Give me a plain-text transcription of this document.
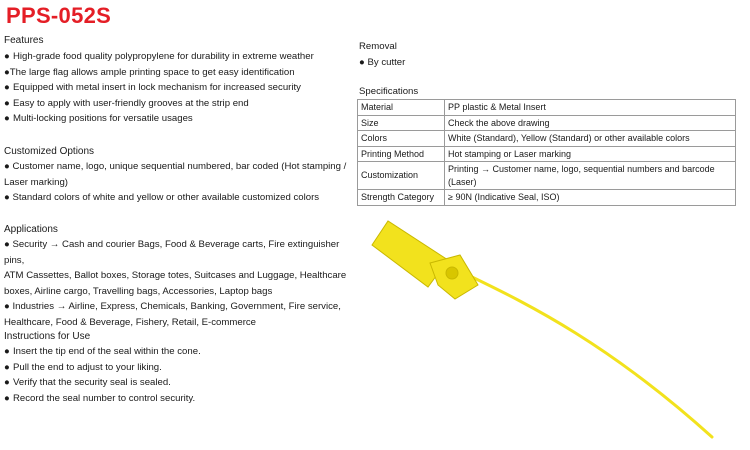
PPS-052S
Features
● High-grade food quality polypropylene for durability in extreme weather
●The large flag allows ample printing space to get easy identification
● Equipped with metal insert in lock mechanism for increased security
● Easy to apply with user-friendly grooves at the strip end
● Multi-locking positions for versatile usages
Customized Options
● Customer name, logo, unique sequential numbered, bar coded (Hot stamping /
Laser marking)
● Standard colors of white and yellow or other available customized colors
Applications
● Security → Cash and courier Bags, Food & Beverage carts, Fire extinguisher pins,
ATM Cassettes, Ballot boxes, Storage totes, Suitcases and Luggage, Healthcare
boxes, Airline cargo, Travelling bags, Accessories, Laptop bags
● Industries → Airline, Express, Chemicals, Banking, Government, Fire service,
Healthcare, Food & Beverage, Fishery, Retail, E-commerce
Instructions for Use
● Insert the tip end of the seal within the cone.
● Pull the end to adjust to your liking.
● Verify that the security seal is sealed.
● Record the seal number to control security.
Removal

● By cutter

Specifications
Material	PP plastic & Metal Insert
Size	Check the above drawing
Colors	White (Standard), Yellow (Standard) or other available colors
Printing Method	Hot stamping or Laser marking
Customization	Printing → Customer name, logo, sequential numbers and barcode (Laser)
Strength Category	≥ 90N (Indicative Seal, ISO)
